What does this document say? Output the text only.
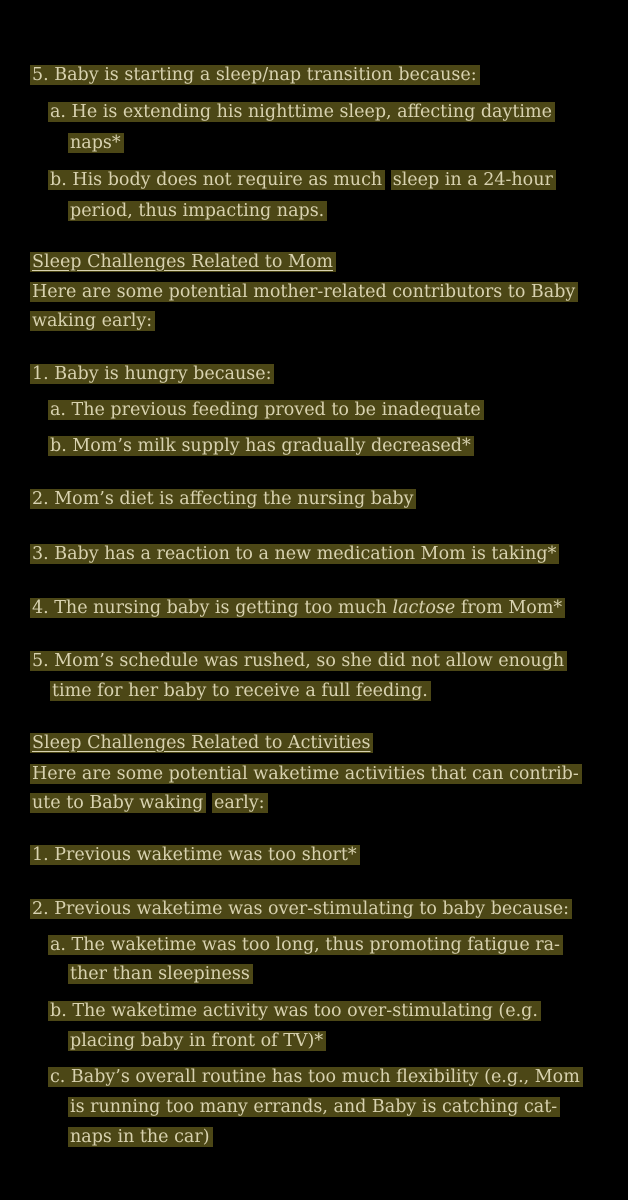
5. Baby is starting a sleep/nap transition because:
a. He is extending his nighttime sleep, affecting daytime
naps*
b. His body does not require as much sleep in a 24-hour
period, thus impacting naps.
Sleep Challenges Related to Mom
Here are some potential mother-related contributors to Baby
waking early:
1. Baby is hungry because:
a. The previous feeding proved to be inadequate
b. Mom’s milk supply has gradually decreased*
2. Mom’s diet is affecting the nursing baby
3. Baby has a reaction to a new medication Mom is taking*
4. The nursing baby is getting too much lactose from Mom*
5. Mom’s schedule was rushed, so she did not allow enough
time for her baby to receive a full feeding.
Sleep Challenges Related to Activities
Here are some potential waketime activities that can contrib-
ute to Baby waking early:
1. Previous waketime was too short*
2. Previous waketime was over-stimulating to baby because:
a. The waketime was too long, thus promoting fatigue ra-
ther than sleepiness
b. The waketime activity was too over-stimulating (e.g.
placing baby in front of TV)*
c. Baby’s overall routine has too much flexibility (e.g., Mom
is running too many errands, and Baby is catching cat-
naps in the car)
